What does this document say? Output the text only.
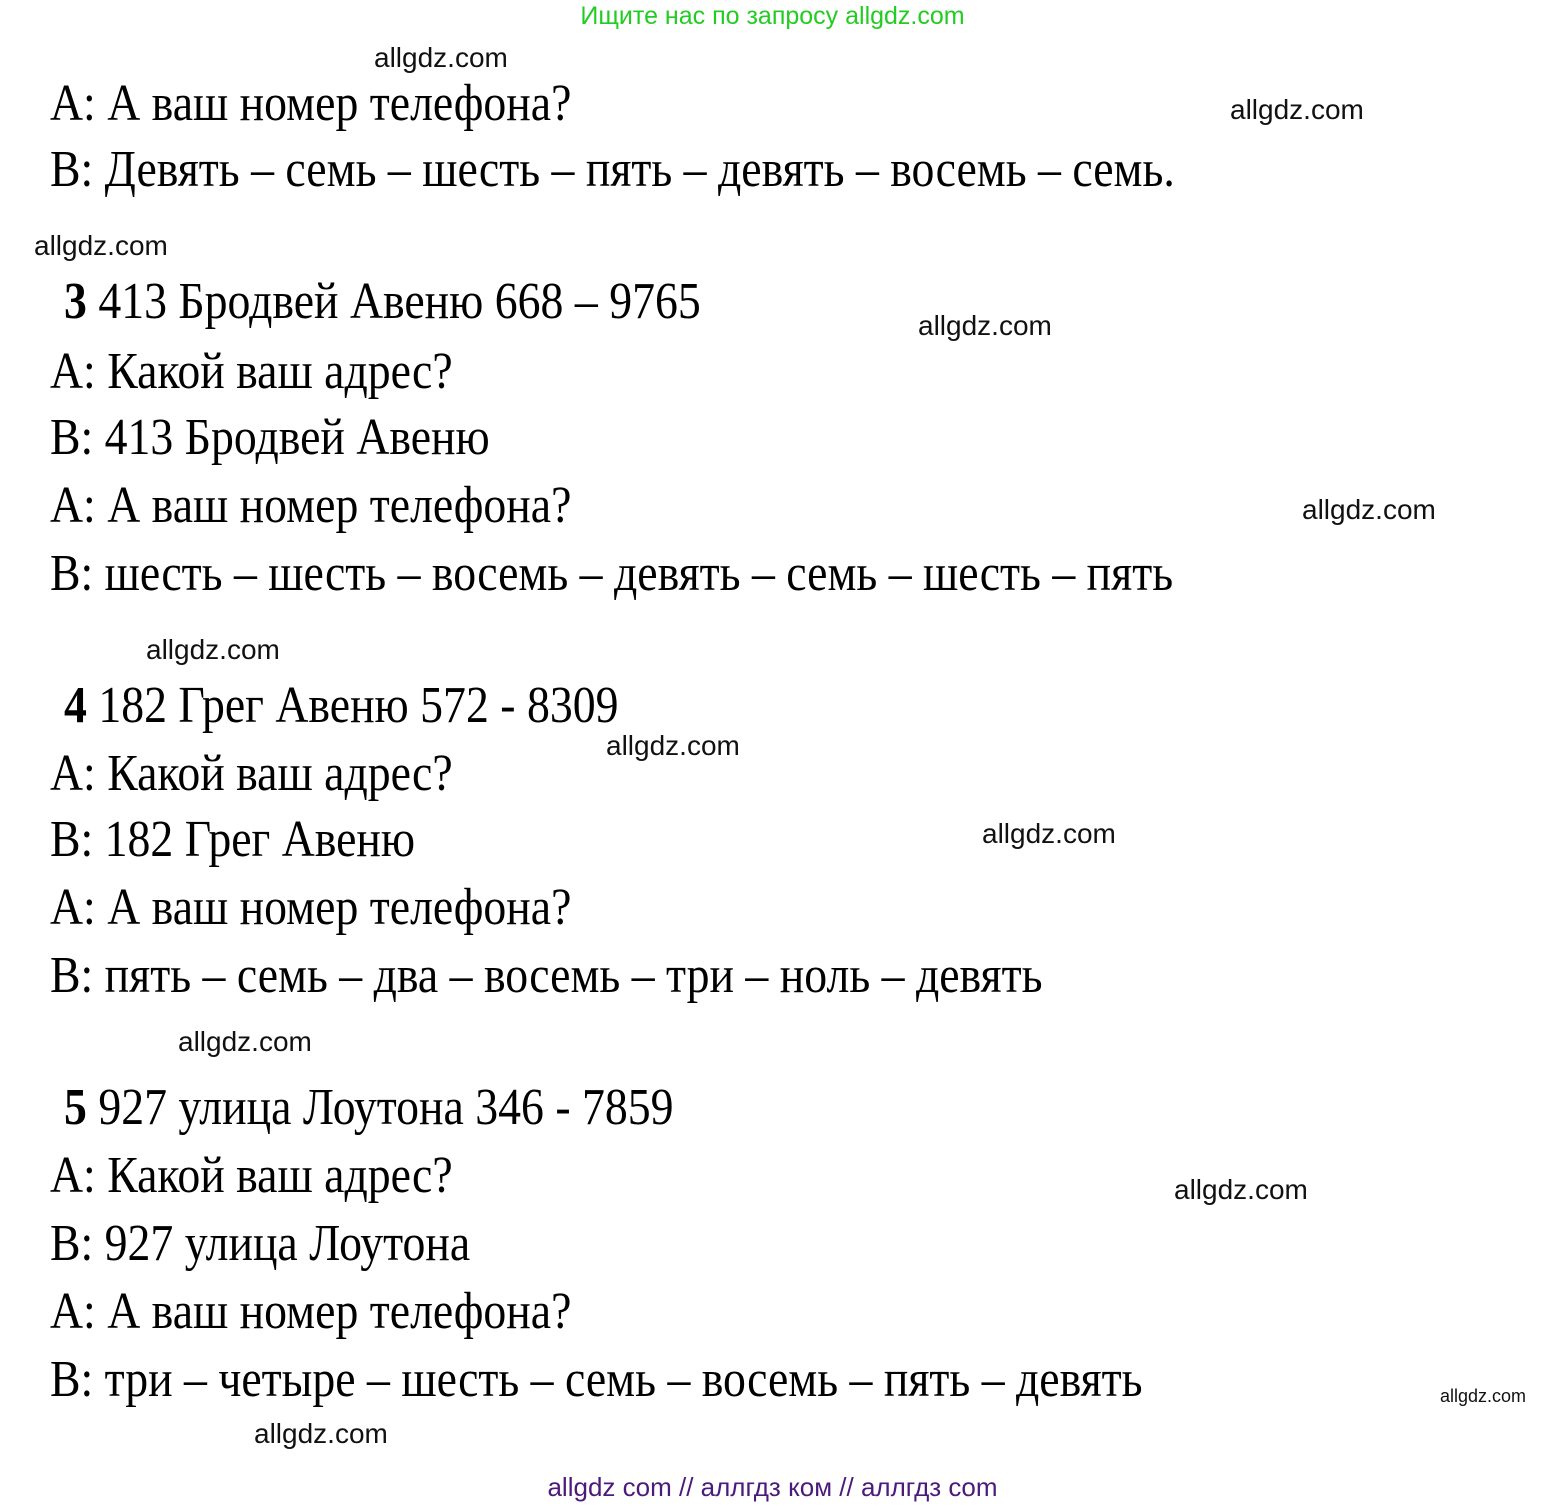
Ищите нас по запросу allgdz.com
allgdz.com
allgdz.com
allgdz.com
allgdz.com
allgdz.com
allgdz.com
allgdz.com
allgdz.com
allgdz.com
allgdz.com
allgdz.com
allgdz.com
A: А ваш номер телефона?
B: Девять – семь – шесть – пять – девять – восемь – семь.
3 413 Бродвей Авеню 668 – 9765
A: Какой ваш адрес?
B: 413 Бродвей Авеню
A: А ваш номер телефона?
B: шесть – шесть – восемь – девять – семь – шесть – пять
4 182 Грег Авеню 572 - 8309
A: Какой ваш адрес?
B: 182 Грег Авеню
A: А ваш номер телефона?
B: пять – семь – два – восемь – три – ноль – девять
5 927 улица Лоутона 346 - 7859
A: Какой ваш адрес?
B: 927 улица Лоутона
A: А ваш номер телефона?
B: три – четыре – шесть – семь – восемь – пять – девять
allgdz com // аллгдз ком // аллгдз com
